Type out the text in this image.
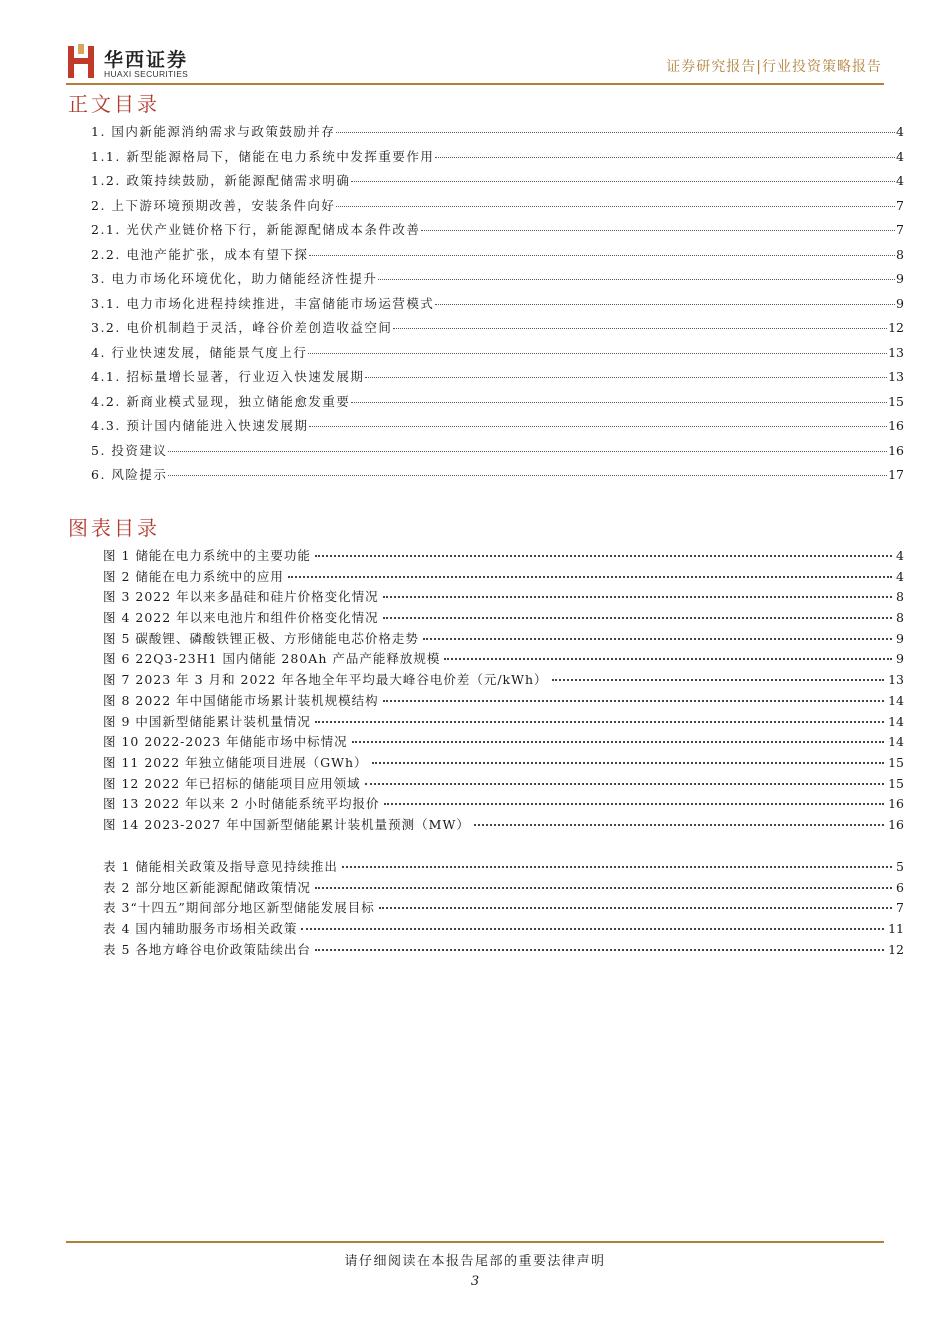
华西证券
HUAXI SECURITIES	证券研究报告|行业投资策略报告
正文目录
1. 国内新能源消纳需求与政策鼓励并存	4
1.1. 新型能源格局下，储能在电力系统中发挥重要作用	4
1.2. 政策持续鼓励，新能源配储需求明确	4
2. 上下游环境预期改善，安装条件向好	7
2.1. 光伏产业链价格下行，新能源配储成本条件改善	7
2.2. 电池产能扩张，成本有望下探	8
3. 电力市场化环境优化，助力储能经济性提升	9
3.1. 电力市场化进程持续推进，丰富储能市场运营模式	9
3.2. 电价机制趋于灵活，峰谷价差创造收益空间	12
4. 行业快速发展，储能景气度上行	13
4.1. 招标量增长显著，行业迈入快速发展期	13
4.2. 新商业模式显现，独立储能愈发重要	15
4.3. 预计国内储能进入快速发展期	16
5. 投资建议	16
6. 风险提示	17
图表目录
图 1 储能在电力系统中的主要功能	4
图 2 储能在电力系统中的应用	4
图 3 2022 年以来多晶硅和硅片价格变化情况	8
图 4 2022 年以来电池片和组件价格变化情况	8
图 5 碳酸锂、磷酸铁锂正极、方形储能电芯价格走势	9
图 6 22Q3-23H1 国内储能 280Ah 产品产能释放规模	9
图 7 2023 年 3 月和 2022 年各地全年平均最大峰谷电价差（元/kWh）	13
图 8 2022 年中国储能市场累计装机规模结构	14
图 9 中国新型储能累计装机量情况	14
图 10 2022-2023 年储能市场中标情况	14
图 11 2022 年独立储能项目进展（GWh）	15
图 12 2022 年已招标的储能项目应用领域	15
图 13 2022 年以来 2 小时储能系统平均报价	16
图 14 2023-2027 年中国新型储能累计装机量预测（MW）	16
表 1 储能相关政策及指导意见持续推出	5
表 2 部分地区新能源配储政策情况	6
表 3“十四五”期间部分地区新型储能发展目标	7
表 4 国内辅助服务市场相关政策	11
表 5 各地方峰谷电价政策陆续出台	12
请仔细阅读在本报告尾部的重要法律声明
3
